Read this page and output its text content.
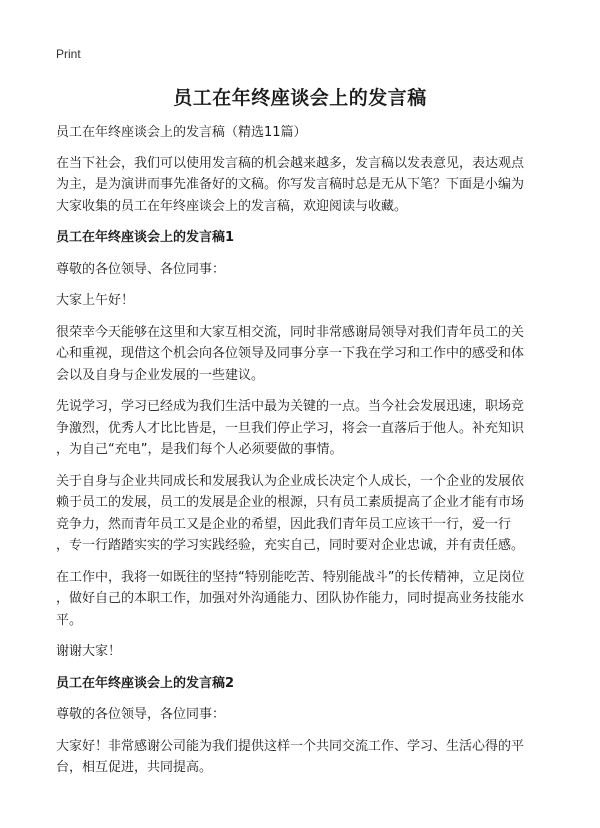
Print
员工在年终座谈会上的发言稿

员工在年终座谈会上的发言稿（精选11篇）

在当下社会，我们可以使用发言稿的机会越来越多，发言稿以发表意见，表达观点
为主，是为演讲而事先准备好的文稿。你写发言稿时总是无从下笔？下面是小编为
大家收集的员工在年终座谈会上的发言稿，欢迎阅读与收藏。

员工在年终座谈会上的发言稿1

尊敬的各位领导、各位同事：

大家上午好！

很荣幸今天能够在这里和大家互相交流，同时非常感谢局领导对我们青年员工的关
心和重视，现借这个机会向各位领导及同事分享一下我在学习和工作中的感受和体
会以及自身与企业发展的一些建议。

先说学习，学习已经成为我们生活中最为关键的一点。当今社会发展迅速，职场竞
争激烈，优秀人才比比皆是，一旦我们停止学习，将会一直落后于他人。补充知识
，为自己“充电”，是我们每个人必须要做的事情。

关于自身与企业共同成长和发展我认为企业成长决定个人成长，一个企业的发展依
赖于员工的发展，员工的发展是企业的根源，只有员工素质提高了企业才能有市场
竞争力，然而青年员工又是企业的希望，因此我们青年员工应该干一行，爱一行
，专一行踏踏实实的学习实践经验，充实自己，同时要对企业忠诚，并有责任感。

在工作中，我将一如既往的坚持“特别能吃苦、特别能战斗”的长传精神，立足岗位
，做好自己的本职工作，加强对外沟通能力、团队协作能力，同时提高业务技能水
平。

谢谢大家！

员工在年终座谈会上的发言稿2

尊敬的各位领导，各位同事：

大家好！非常感谢公司能为我们提供这样一个共同交流工作、学习、生活心得的平
台，相互促进，共同提高。
